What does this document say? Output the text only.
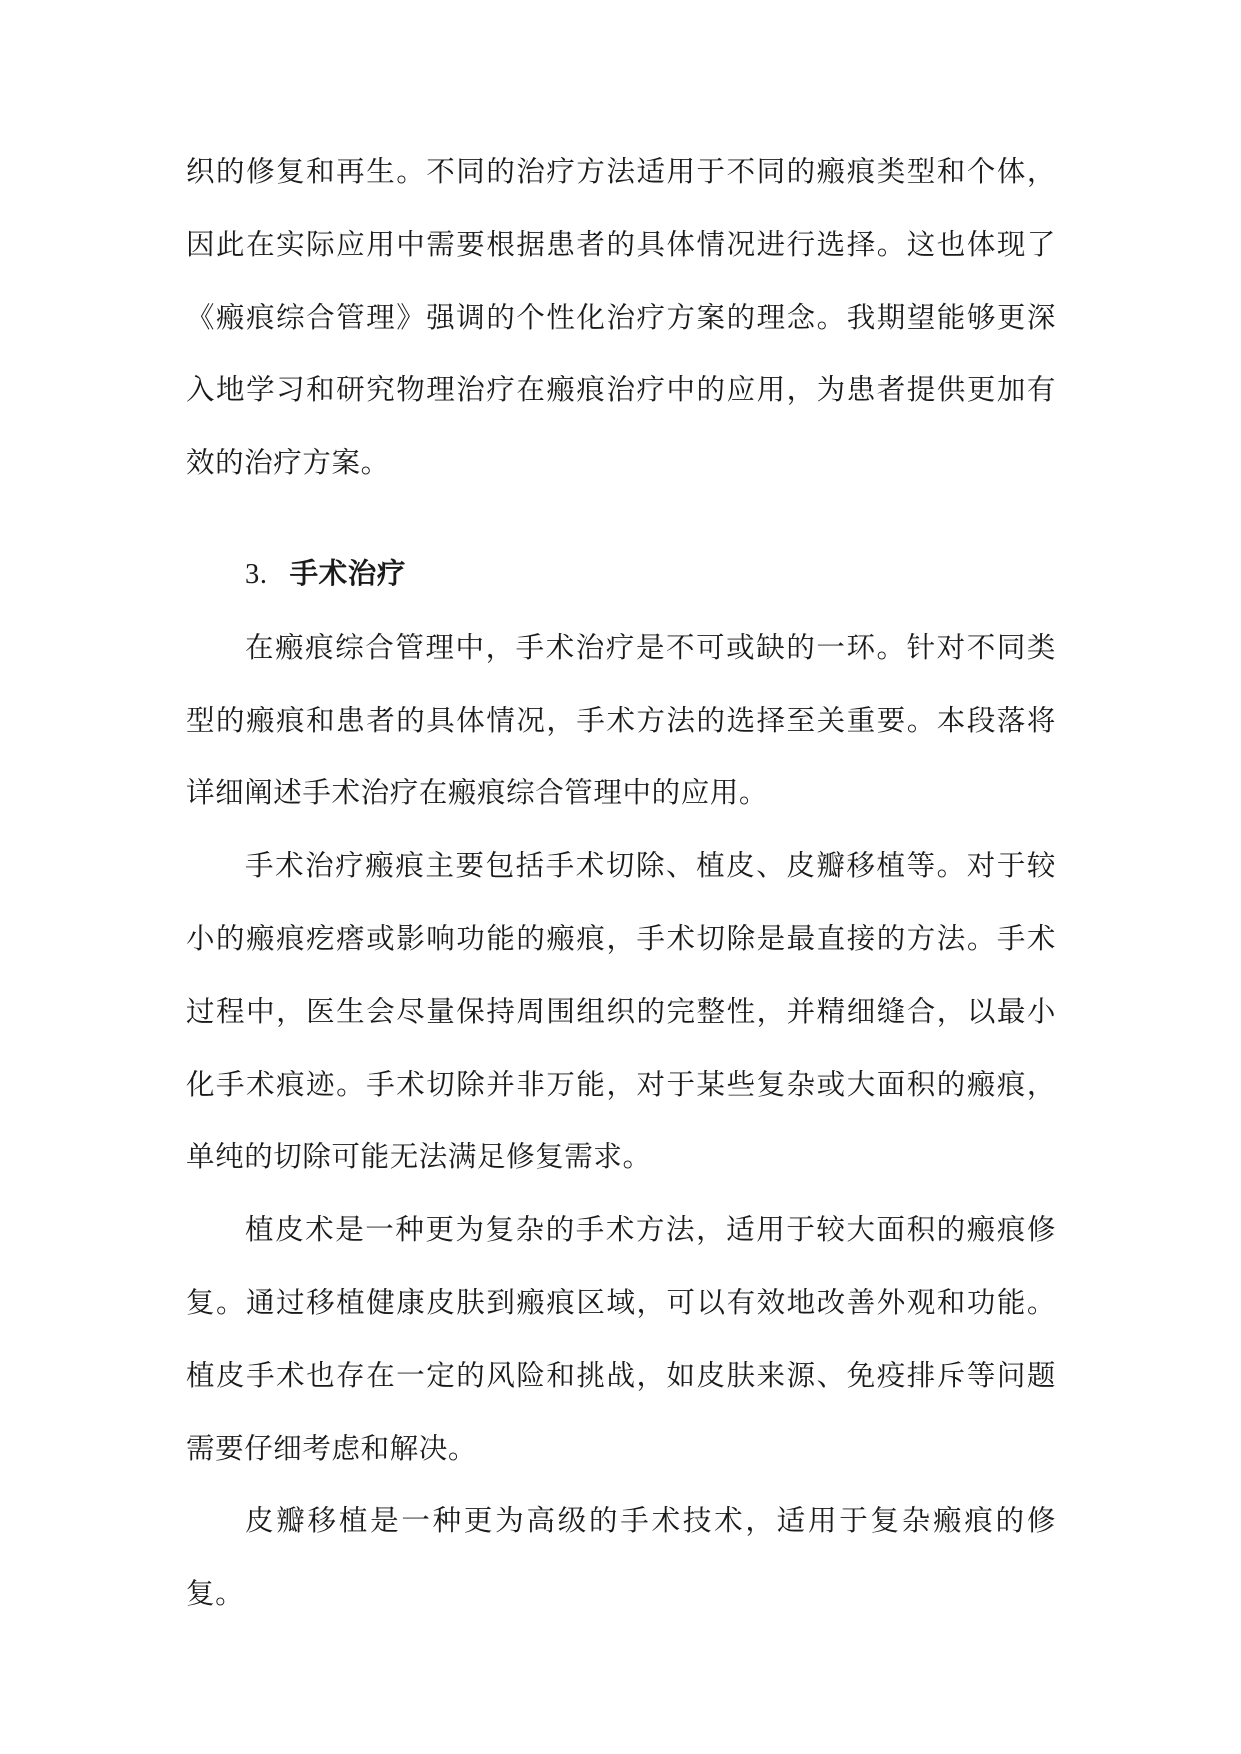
织的修复和再生。不同的治疗方法适用于不同的瘢痕类型和个体，因此在实际应用中需要根据患者的具体情况进行选择。这也体现了《瘢痕综合管理》强调的个性化治疗方案的理念。我期望能够更深入地学习和研究物理治疗在瘢痕治疗中的应用，为患者提供更加有效的治疗方案。

3. 手术治疗

在瘢痕综合管理中，手术治疗是不可或缺的一环。针对不同类型的瘢痕和患者的具体情况，手术方法的选择至关重要。本段落将详细阐述手术治疗在瘢痕综合管理中的应用。

手术治疗瘢痕主要包括手术切除、植皮、皮瓣移植等。对于较小的瘢痕疙瘩或影响功能的瘢痕，手术切除是最直接的方法。手术过程中，医生会尽量保持周围组织的完整性，并精细缝合，以最小化手术痕迹。手术切除并非万能，对于某些复杂或大面积的瘢痕，单纯的切除可能无法满足修复需求。

植皮术是一种更为复杂的手术方法，适用于较大面积的瘢痕修复。通过移植健康皮肤到瘢痕区域，可以有效地改善外观和功能。植皮手术也存在一定的风险和挑战，如皮肤来源、免疫排斥等问题需要仔细考虑和解决。

皮瓣移植是一种更为高级的手术技术，适用于复杂瘢痕的修复。
